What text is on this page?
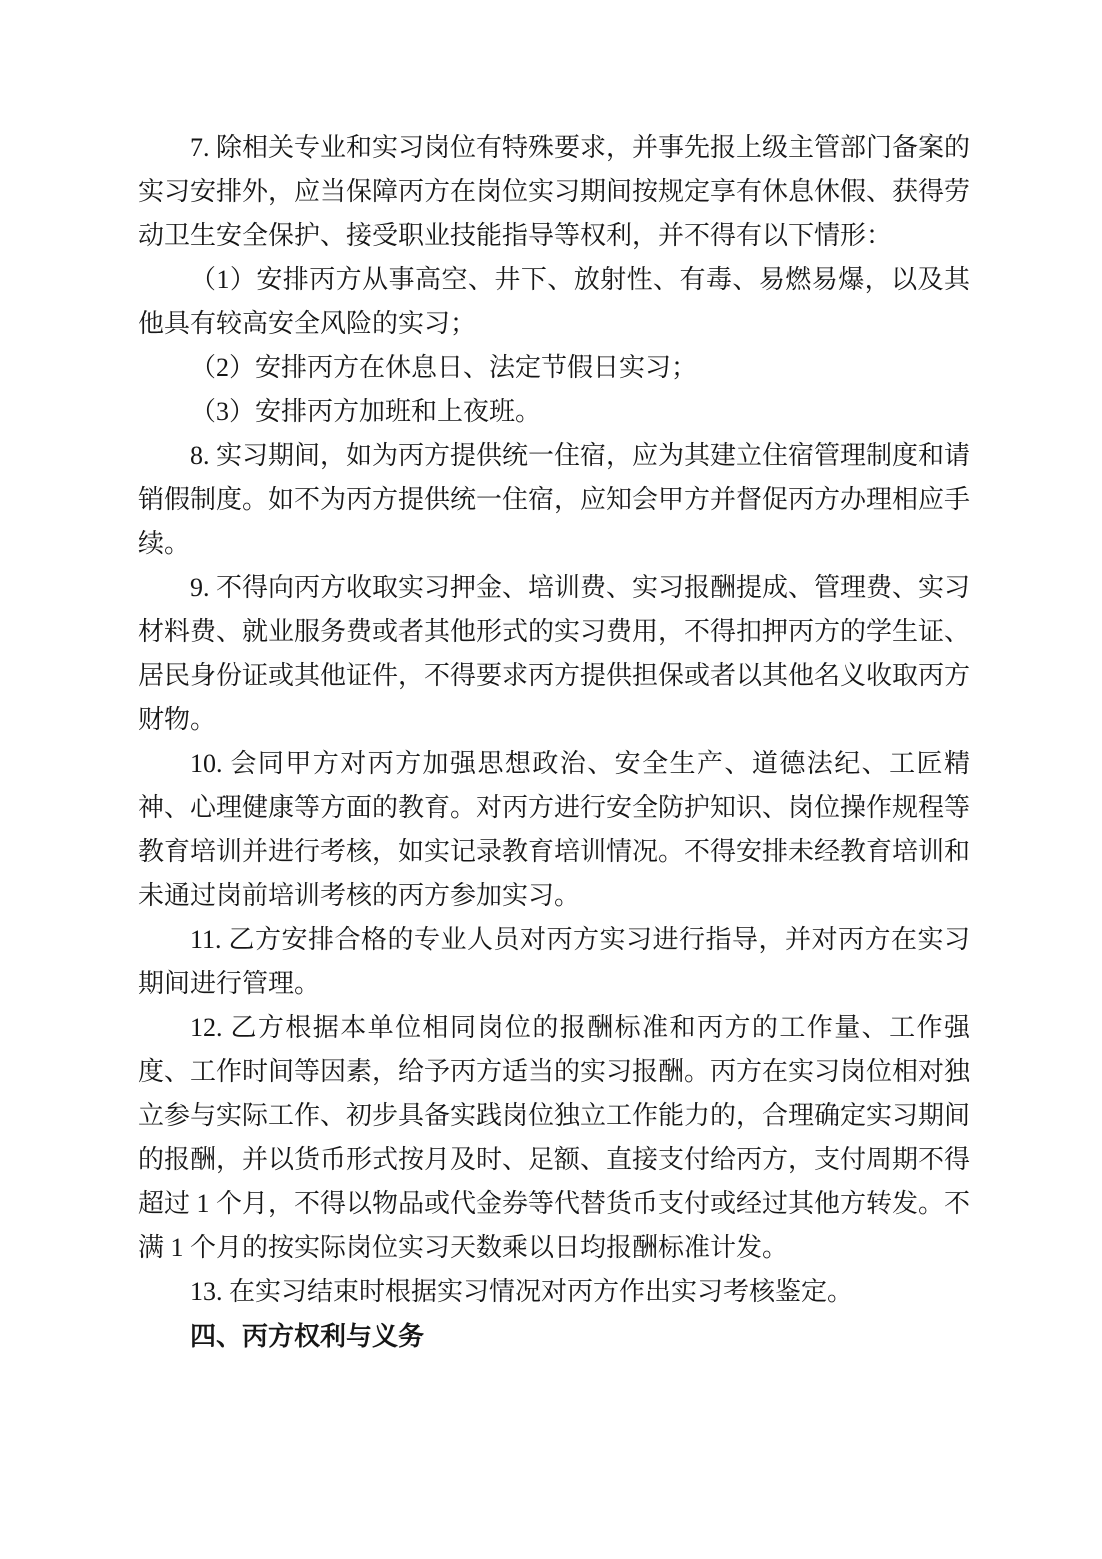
7. 除相关专业和实习岗位有特殊要求，并事先报上级主管部门备案的实习安排外，应当保障丙方在岗位实习期间按规定享有休息休假、获得劳动卫生安全保护、接受职业技能指导等权利，并不得有以下情形：

（1）安排丙方从事高空、井下、放射性、有毒、易燃易爆，以及其他具有较高安全风险的实习；

（2）安排丙方在休息日、法定节假日实习；

（3）安排丙方加班和上夜班。

8. 实习期间，如为丙方提供统一住宿，应为其建立住宿管理制度和请销假制度。如不为丙方提供统一住宿，应知会甲方并督促丙方办理相应手续。

9. 不得向丙方收取实习押金、培训费、实习报酬提成、管理费、实习材料费、就业服务费或者其他形式的实习费用，不得扣押丙方的学生证、居民身份证或其他证件，不得要求丙方提供担保或者以其他名义收取丙方财物。

10. 会同甲方对丙方加强思想政治、安全生产、道德法纪、工匠精神、心理健康等方面的教育。对丙方进行安全防护知识、岗位操作规程等教育培训并进行考核，如实记录教育培训情况。不得安排未经教育培训和未通过岗前培训考核的丙方参加实习。

11. 乙方安排合格的专业人员对丙方实习进行指导，并对丙方在实习期间进行管理。

12. 乙方根据本单位相同岗位的报酬标准和丙方的工作量、工作强度、工作时间等因素，给予丙方适当的实习报酬。丙方在实习岗位相对独立参与实际工作、初步具备实践岗位独立工作能力的，合理确定实习期间的报酬，并以货币形式按月及时、足额、直接支付给丙方，支付周期不得超过 1 个月，不得以物品或代金券等代替货币支付或经过其他方转发。不满 1 个月的按实际岗位实习天数乘以日均报酬标准计发。

13. 在实习结束时根据实习情况对丙方作出实习考核鉴定。

四、丙方权利与义务
